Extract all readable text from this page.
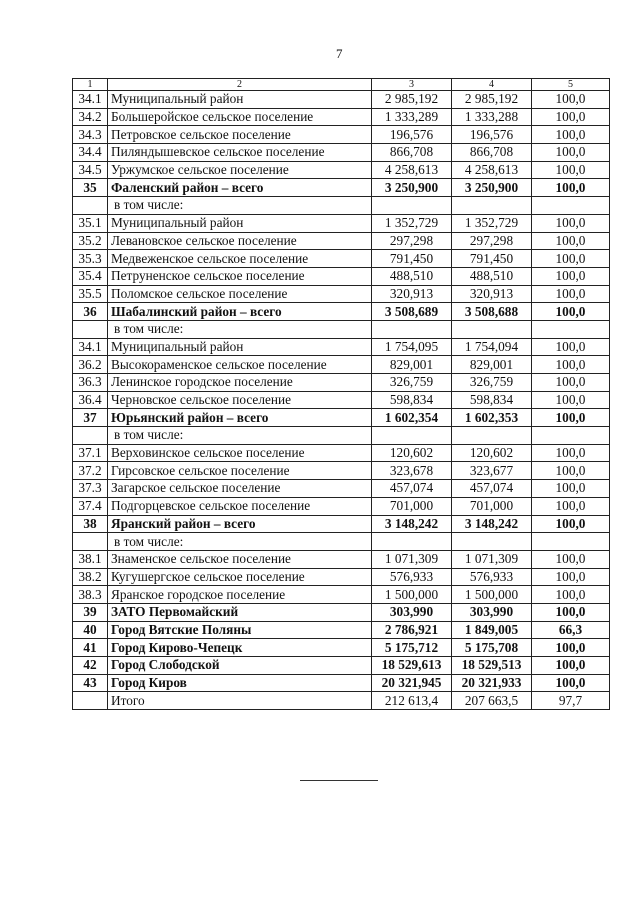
7
1	2	3	4	5
34.1	Муниципальный район	2 985,192	2 985,192	100,0
34.2	Большеройское сельское поселение	1 333,289	1 333,288	100,0
34.3	Петровское сельское поселение	196,576	196,576	100,0
34.4	Пиляндышевское сельское поселение	866,708	866,708	100,0
34.5	Уржумское сельское поселение	4 258,613	4 258,613	100,0
35	Фаленский район – всего	3 250,900	3 250,900	100,0
	в том числе:			
35.1	Муниципальный район	1 352,729	1 352,729	100,0
35.2	Левановское сельское поселение	297,298	297,298	100,0
35.3	Медвеженское сельское поселение	791,450	791,450	100,0
35.4	Петруненское сельское поселение	488,510	488,510	100,0
35.5	Поломское сельское поселение	320,913	320,913	100,0
36	Шабалинский район – всего	3 508,689	3 508,688	100,0
	в том числе:			
34.1	Муниципальный район	1 754,095	1 754,094	100,0
36.2	Высокораменское сельское поселение	829,001	829,001	100,0
36.3	Ленинское городское поселение	326,759	326,759	100,0
36.4	Черновское сельское поселение	598,834	598,834	100,0
37	Юрьянский район – всего	1 602,354	1 602,353	100,0
	в том числе:			
37.1	Верховинское сельское поселение	120,602	120,602	100,0
37.2	Гирсовское сельское поселение	323,678	323,677	100,0
37.3	Загарское сельское поселение	457,074	457,074	100,0
37.4	Подгорцевское сельское поселение	701,000	701,000	100,0
38	Яранский район – всего	3 148,242	3 148,242	100,0
	в том числе:			
38.1	Знаменское сельское поселение	1 071,309	1 071,309	100,0
38.2	Кугушергское сельское поселение	576,933	576,933	100,0
38.3	Яранское городское поселение	1 500,000	1 500,000	100,0
39	ЗАТО Первомайский	303,990	303,990	100,0
40	Город Вятские Поляны	2 786,921	1 849,005	66,3
41	Город Кирово-Чепецк	5 175,712	5 175,708	100,0
42	Город Слободской	18 529,613	18 529,513	100,0
43	Город Киров	20 321,945	20 321,933	100,0
	Итого	212 613,4	207 663,5	97,7
